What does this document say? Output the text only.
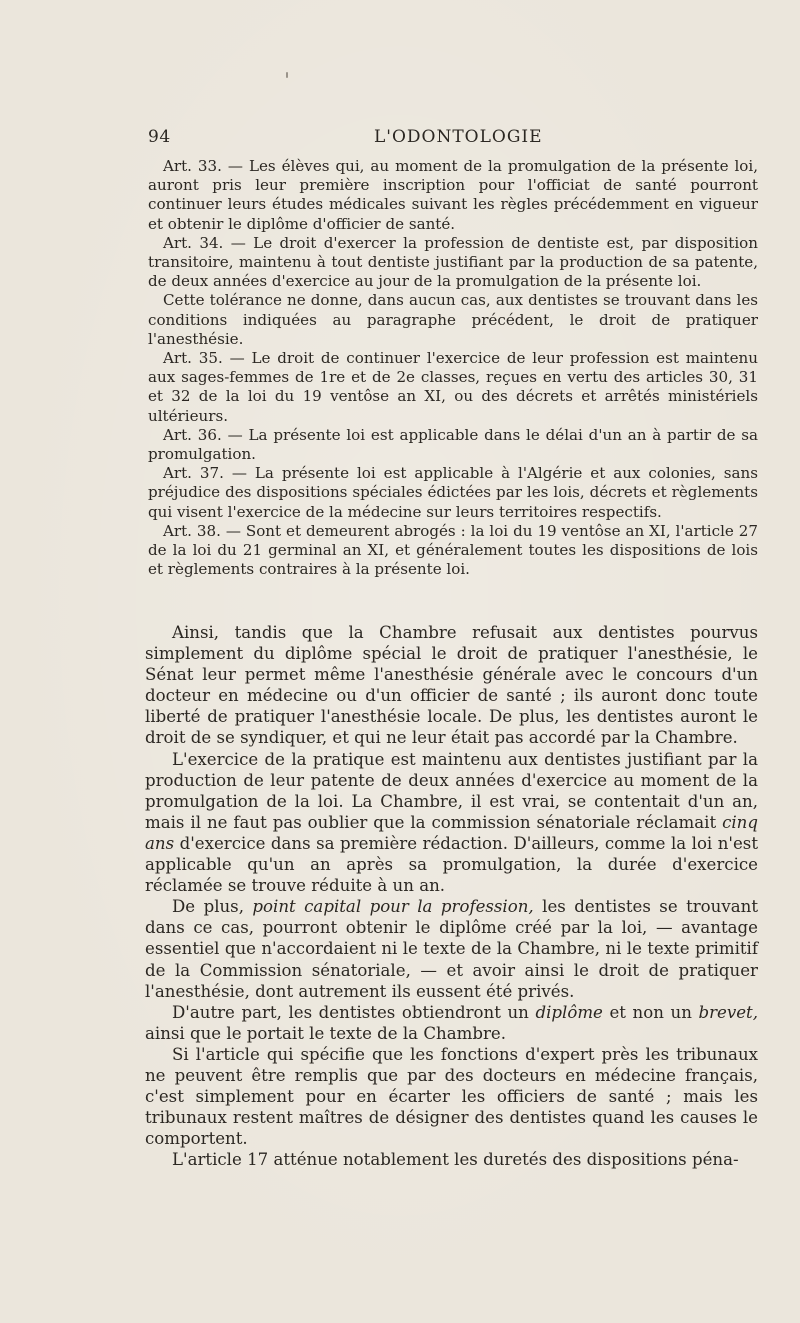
94	L'ODONTOLOGIE

Art. 33. — Les élèves qui, au moment de la promulgation de la présente loi, auront pris leur première inscription pour l'officiat de santé pourront continuer leurs études médicales suivant les règles précédemment en vigueur et obtenir le diplôme d'officier de santé.

Art. 34. — Le droit d'exercer la profession de dentiste est, par disposition transitoire, maintenu à tout dentiste justifiant par la production de sa patente, de deux années d'exercice au jour de la promulgation de la présente loi.

Cette tolérance ne donne, dans aucun cas, aux dentistes se trouvant dans les conditions indiquées au paragraphe précédent, le droit de pratiquer l'anesthésie.

Art. 35. — Le droit de continuer l'exercice de leur profession est maintenu aux sages-femmes de 1re et de 2e classes, reçues en vertu des articles 30, 31 et 32 de la loi du 19 ventôse an XI, ou des décrets et arrêtés ministériels ultérieurs.

Art. 36. — La présente loi est applicable dans le délai d'un an à partir de sa promulgation.

Art. 37. — La présente loi est applicable à l'Algérie et aux colonies, sans préjudice des dispositions spéciales édictées par les lois, décrets et règlements qui visent l'exercice de la médecine sur leurs territoires respectifs.

Art. 38. — Sont et demeurent abrogés : la loi du 19 ventôse an XI, l'article 27 de la loi du 21 germinal an XI, et généralement toutes les dispositions de lois et règlements contraires à la présente loi.

Ainsi, tandis que la Chambre refusait aux dentistes pourvus simplement du diplôme spécial le droit de pratiquer l'anesthésie, le Sénat leur permet même l'anesthésie générale avec le concours d'un docteur en médecine ou d'un officier de santé ; ils auront donc toute liberté de pratiquer l'anesthésie locale. De plus, les dentistes auront le droit de se syndiquer, et qui ne leur était pas accordé par la Chambre.

L'exercice de la pratique est maintenu aux dentistes justifiant par la production de leur patente de deux années d'exercice au moment de la promulgation de la loi. La Chambre, il est vrai, se contentait d'un an, mais il ne faut pas oublier que la commission sénatoriale réclamait cinq ans d'exercice dans sa première rédaction. D'ailleurs, comme la loi n'est applicable qu'un an après sa promulgation, la durée d'exercice réclamée se trouve réduite à un an.

De plus, point capital pour la profession, les dentistes se trouvant dans ce cas, pourront obtenir le diplôme créé par la loi, — avantage essentiel que n'accordaient ni le texte de la Chambre, ni le texte primitif de la Commission sénatoriale, — et avoir ainsi le droit de pratiquer l'anesthésie, dont autrement ils eussent été privés.

D'autre part, les dentistes obtiendront un diplôme et non un brevet, ainsi que le portait le texte de la Chambre.

Si l'article qui spécifie que les fonctions d'expert près les tribunaux ne peuvent être remplis que par des docteurs en médecine français, c'est simplement pour en écarter les officiers de santé ; mais les tribunaux restent maîtres de désigner des dentistes quand les causes le comportent.

L'article 17 atténue notablement les duretés des dispositions péna-
